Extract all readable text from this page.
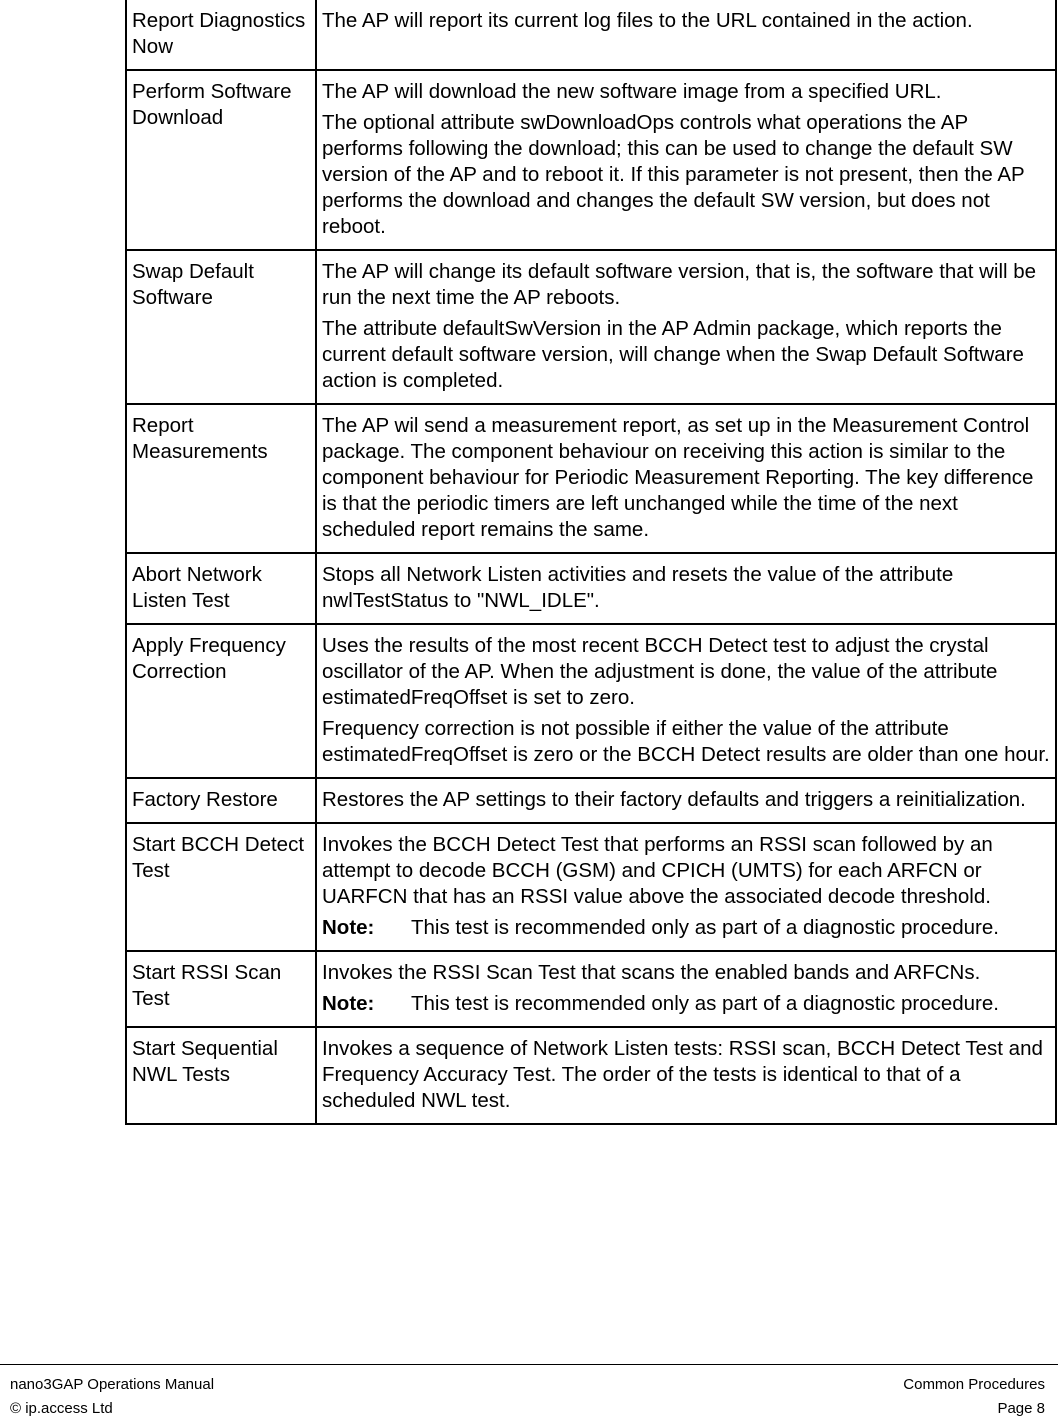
Report Diagnostics Now	The AP will report its current log files to the URL contained in the action.

Perform Software Download	The AP will download the new software image from a specified URL.

The optional attribute swDownloadOps controls what operations the AP performs following the download; this can be used to change the default SW version of the AP and to reboot it. If this parameter is not present, then the AP performs the download and changes the default SW version, but does not reboot.

Swap Default Software	The AP will change its default software version, that is, the software that will be run the next time the AP reboots.

The attribute defaultSwVersion in the AP Admin package, which reports the current default software version, will change when the Swap Default Software action is completed.

Report Measurements	The AP wil send a measurement report, as set up in the Measurement Control package. The component behaviour on receiving this action is similar to the component behaviour for Periodic Measurement Reporting. The key difference is that the periodic timers are left unchanged while the time of the next scheduled report remains the same.

Abort Network Listen Test	Stops all Network Listen activities and resets the value of the attribute nwlTestStatus to "NWL_IDLE".

Apply Frequency Correction	Uses the results of the most recent BCCH Detect test to adjust the crystal oscillator of the AP. When the adjustment is done, the value of the attribute estimatedFreqOffset is set to zero.

Frequency correction is not possible if either the value of the attribute estimatedFreqOffset is zero or the BCCH Detect results are older than one hour.

Factory Restore	Restores the AP settings to their factory defaults and triggers a reinitialization.

Start BCCH Detect Test	Invokes the BCCH Detect Test that performs an RSSI scan followed by an attempt to decode BCCH (GSM) and CPICH (UMTS) for each ARFCN or UARFCN that has an RSSI value above the associated decode threshold.

Note: This test is recommended only as part of a diagnostic procedure.

Start RSSI Scan Test	Invokes the RSSI Scan Test that scans the enabled bands and ARFCNs.

Note: This test is recommended only as part of a diagnostic procedure.

Start Sequential NWL Tests	Invokes a sequence of Network Listen tests: RSSI scan, BCCH Detect Test and Frequency Accuracy Test. The order of the tests is identical to that of a scheduled NWL test.

nano3GAP Operations Manual
© ip.access Ltd
Common Procedures
Page 8
